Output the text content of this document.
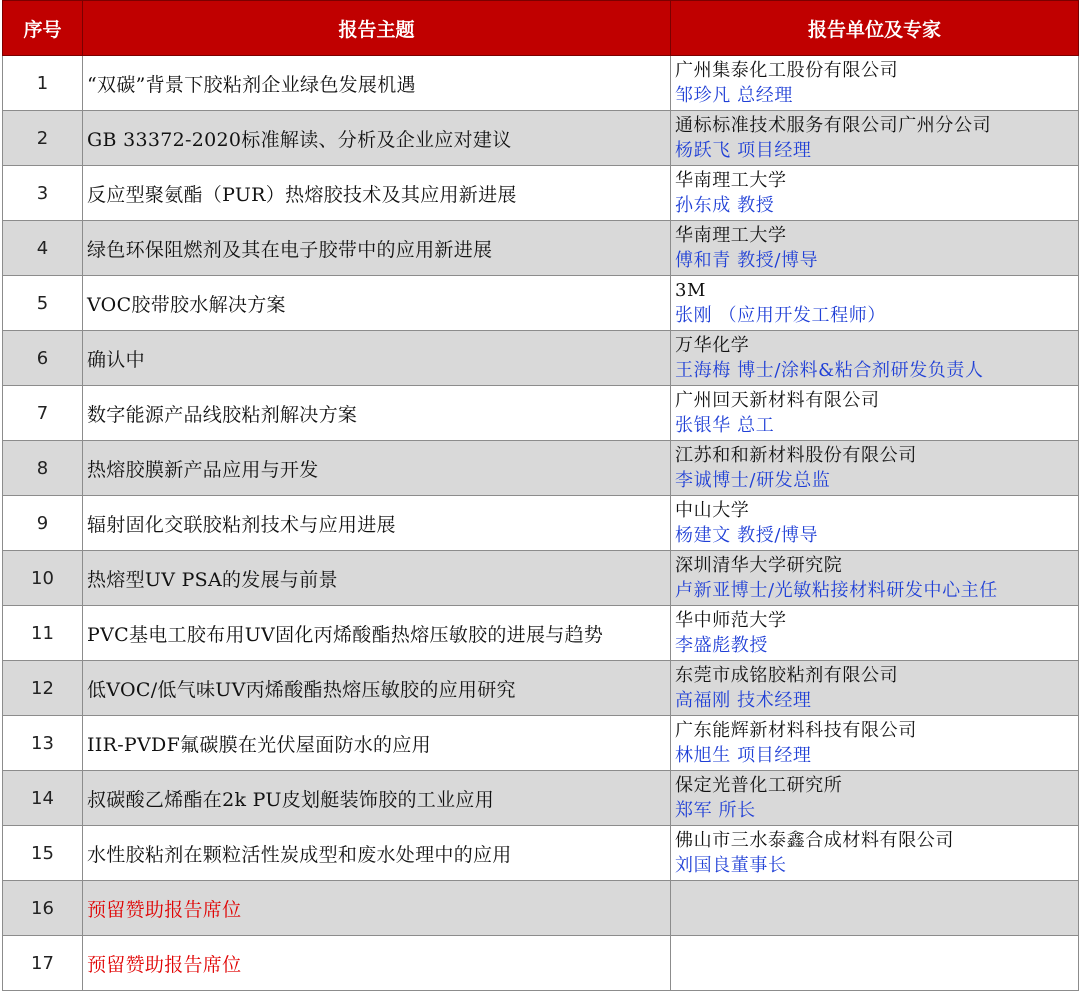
序号	报告主题	报告单位及专家
1	“双碳”背景下胶粘剂企业绿色发展机遇	广州集泰化工股份有限公司
邹珍凡 总经理

2	GB 33372-2020标准解读、分析及企业应对建议	通标标准技术服务有限公司广州分公司
杨跃飞 项目经理

3	反应型聚氨酯（PUR）热熔胶技术及其应用新进展	华南理工大学
孙东成 教授

4	绿色环保阻燃剂及其在电子胶带中的应用新进展	华南理工大学
傅和青 教授/博导

5	VOC胶带胶水解决方案	3M
张刚 （应用开发工程师）

6	确认中	万华化学
王海梅 博士/涂料&粘合剂研发负责人

7	数字能源产品线胶粘剂解决方案	广州回天新材料有限公司
张银华 总工

8	热熔胶膜新产品应用与开发	江苏和和新材料股份有限公司
李诚博士/研发总监

9	辐射固化交联胶粘剂技术与应用进展	中山大学
杨建文 教授/博导

10	热熔型UV PSA的发展与前景	深圳清华大学研究院
卢新亚博士/光敏粘接材料研发中心主任

11	PVC基电工胶布用UV固化丙烯酸酯热熔压敏胶的进展与趋势	华中师范大学
李盛彪教授

12	低VOC/低气味UV丙烯酸酯热熔压敏胶的应用研究	东莞市成铭胶粘剂有限公司
高福刚 技术经理

13	IIR-PVDF氟碳膜在光伏屋面防水的应用	广东能辉新材料科技有限公司
林旭生 项目经理

14	叔碳酸乙烯酯在2k PU皮划艇装饰胶的工业应用	保定光普化工研究所
郑军 所长

15	水性胶粘剂在颗粒活性炭成型和废水处理中的应用	佛山市三水泰鑫合成材料有限公司
刘国良董事长

16	预留赞助报告席位	
17	预留赞助报告席位	
